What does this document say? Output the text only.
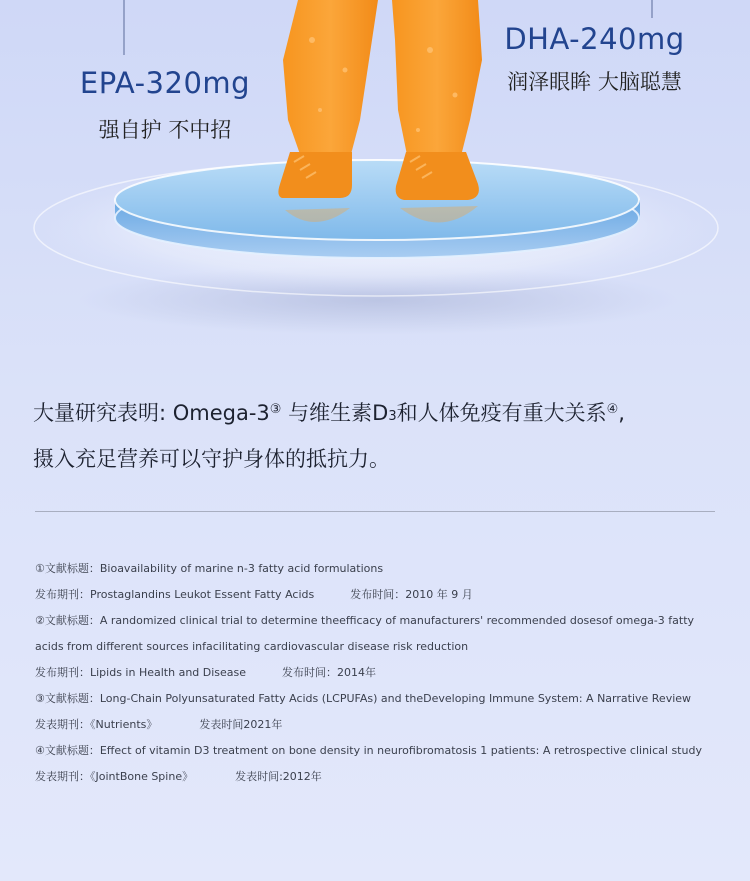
EPA-320mg
强自护 不中招
DHA-240mg
润泽眼眸 大脑聪慧
大量研究表明: Omega-3③ 与维生素D3和人体免疫有重大关系④,
摄入充足营养可以守护身体的抵抗力。
①文献标题：Bioavailability of marine n-3 fatty acid formulations
发布期刊：Prostaglandins Leukot Essent Fatty Acids	发布时间：2010 年 9 月
②文献标题：A randomized clinical trial to determine theefficacy of manufacturers' recommended dosesof omega-3 fatty
acids from different sources infacilitating cardiovascular disease risk reduction
发布期刊：Lipids in Health and Disease	发布时间：2014年
③文献标题：Long-Chain Polyunsaturated Fatty Acids (LCPUFAs) and theDeveloping Immune System: A Narrative Review
发表期刊：《Nutrients》	发表时间2021年
④文献标题：Effect of vitamin D3 treatment on bone density in neurofibromatosis 1 patients: A retrospective clinical study
发表期刊：《JointBone Spine》	发表时间:2012年
